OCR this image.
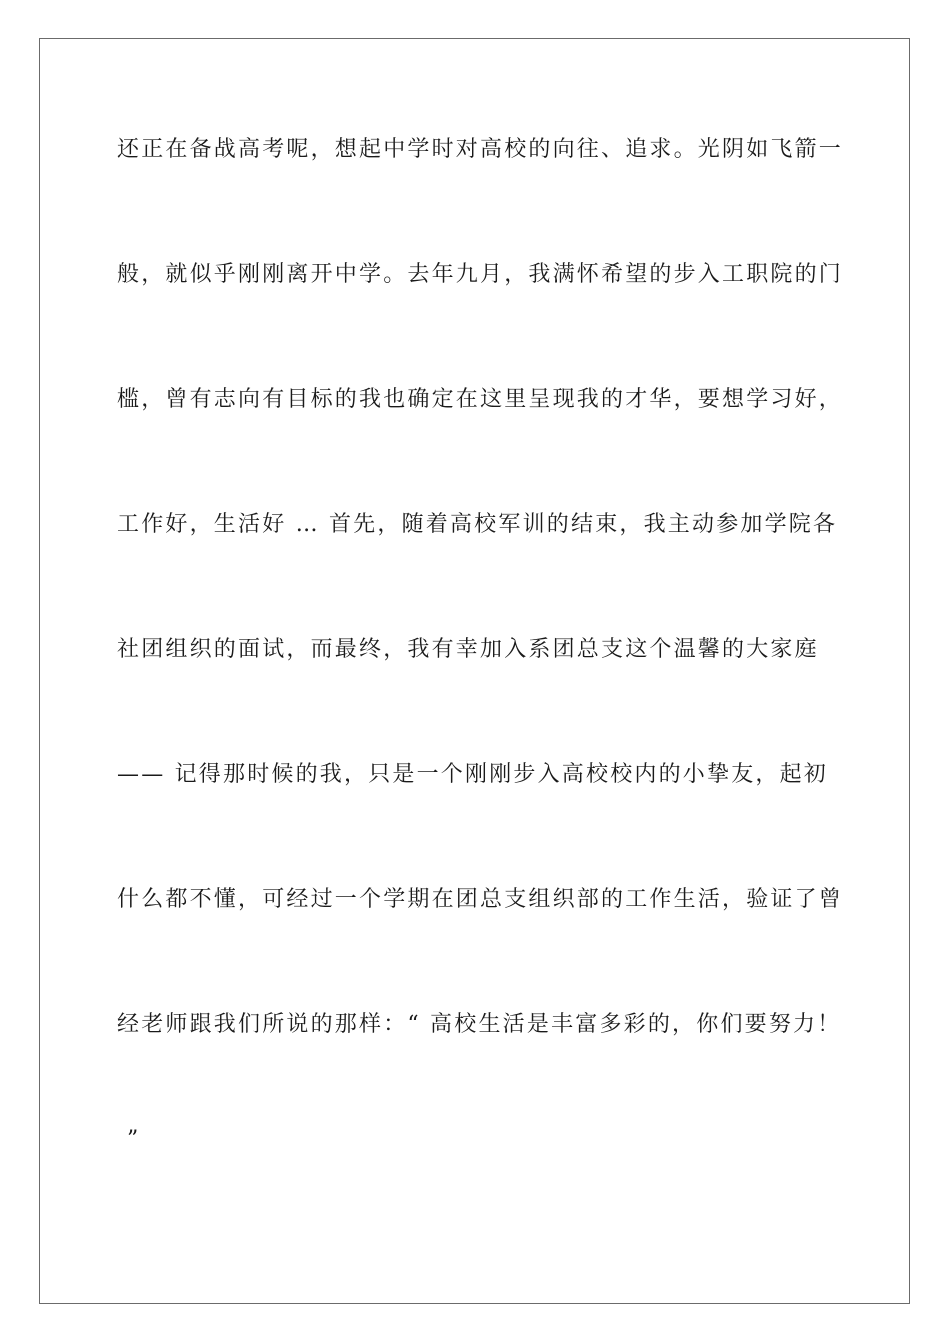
还正在备战高考呢，想起中学时对高校的向往、追求。光阴如飞箭一
般，就似乎刚刚离开中学。去年九月，我满怀希望的步入工职院的门
槛，曾有志向有目标的我也确定在这里呈现我的才华，要想学习好，
工作好，生活好 … 首先，随着高校军训的结束，我主动参加学院各
社团组织的面试，而最终，我有幸加入系团总支这个温馨的大家庭
—— 记得那时候的我，只是一个刚刚步入高校校内的小挚友，起初
什么都不懂，可经过一个学期在团总支组织部的工作生活，验证了曾
经老师跟我们所说的那样：“ 高校生活是丰富多彩的，你们要努力！
”
